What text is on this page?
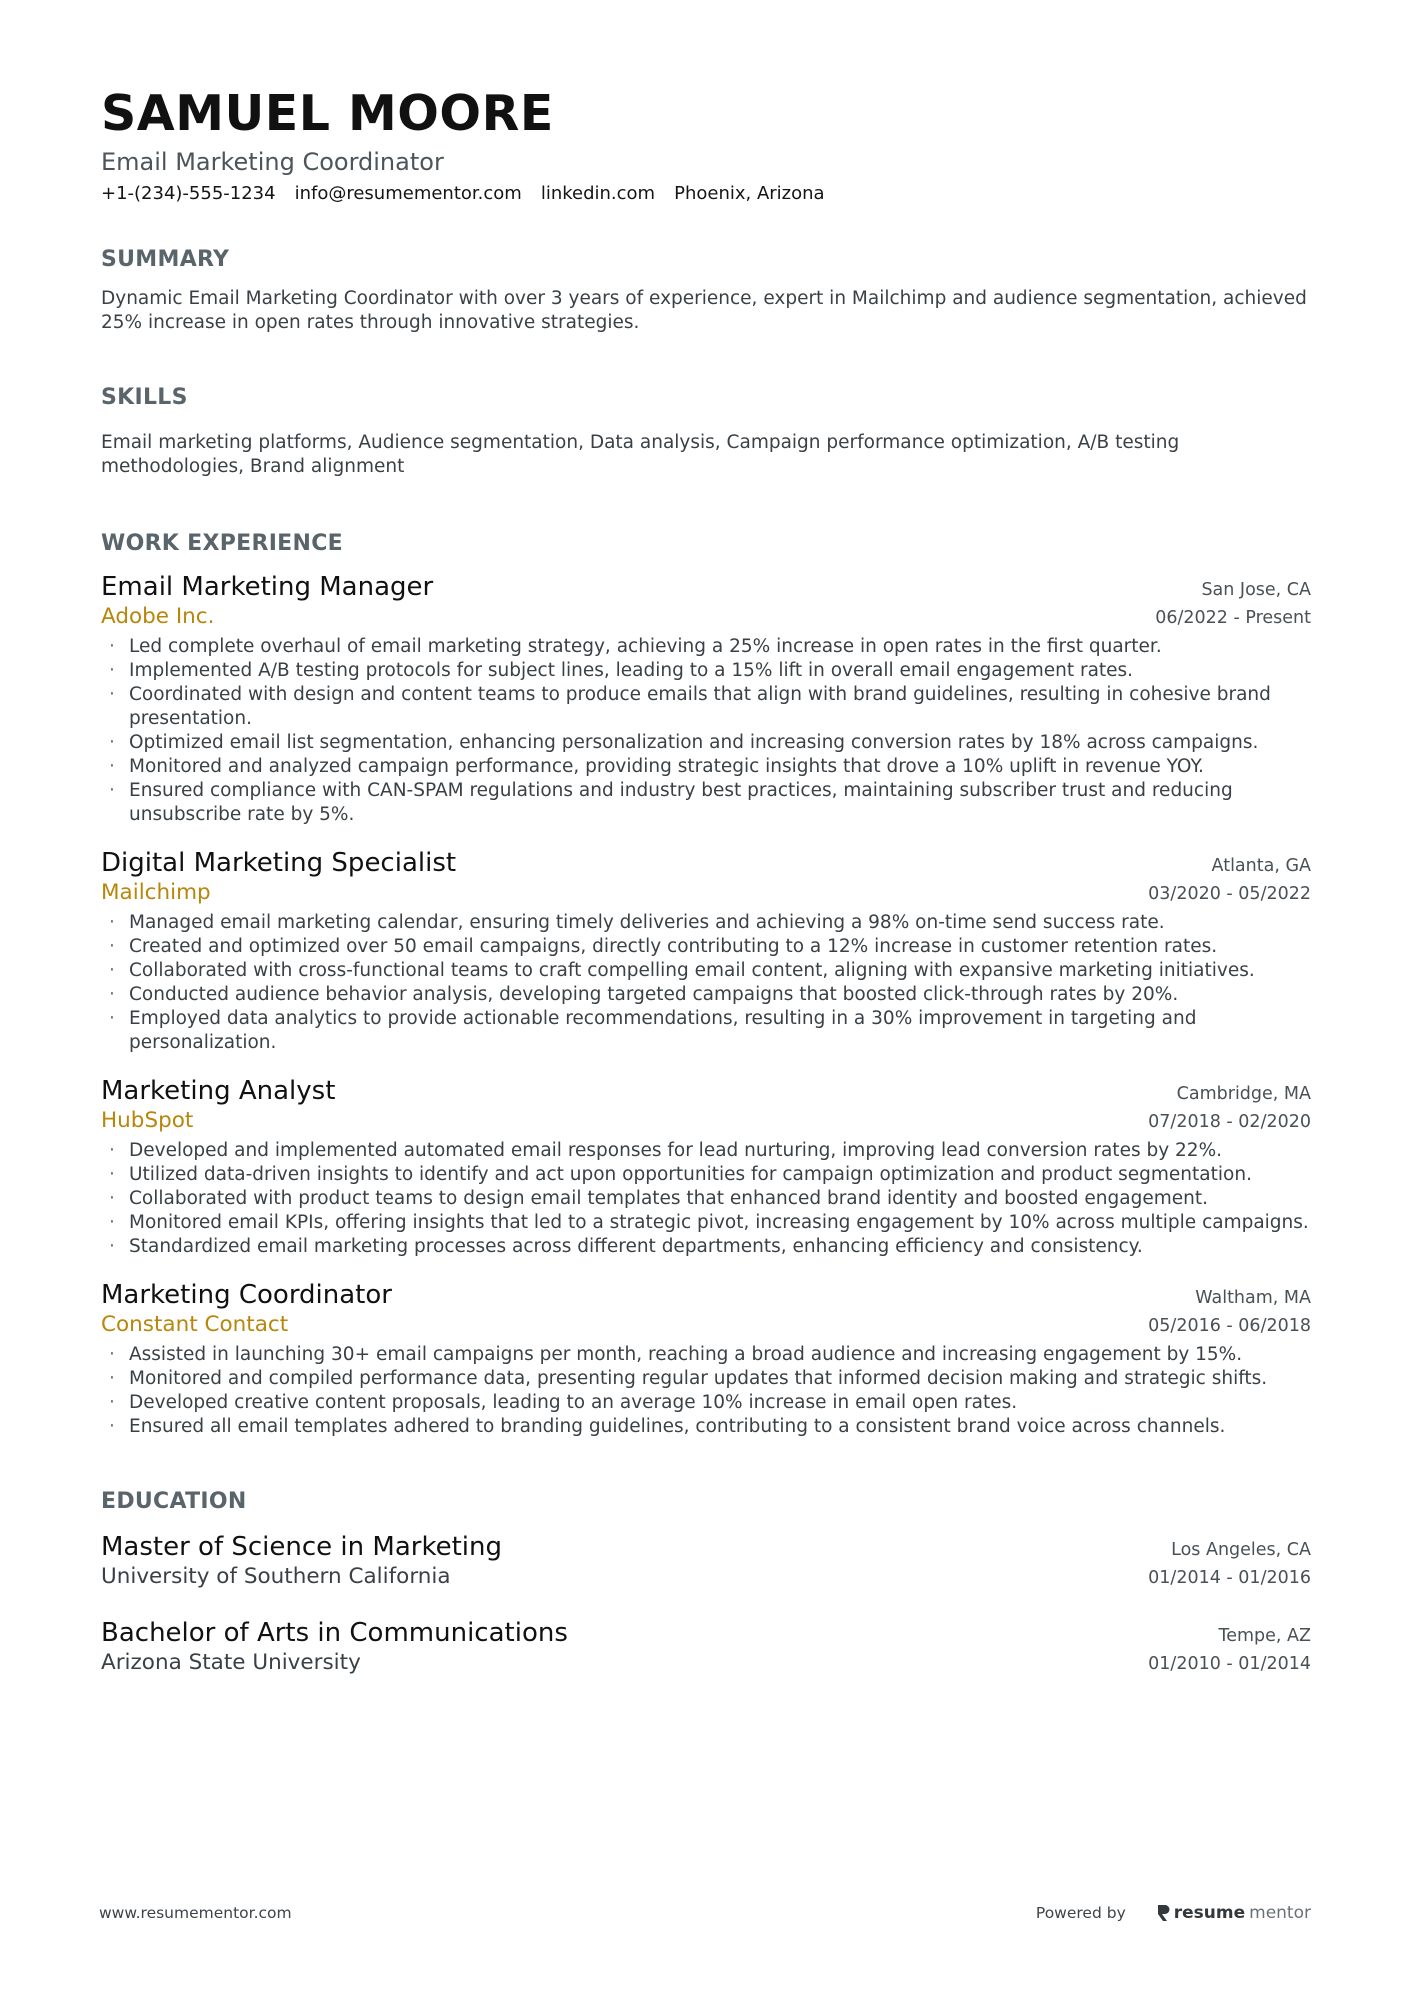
SAMUEL MOORE
Email Marketing Coordinator
+1-(234)-555-1234 info@resumementor.com linkedin.com Phoenix, Arizona
SUMMARY
Dynamic Email Marketing Coordinator with over 3 years of experience, expert in Mailchimp and audience segmentation, achieved 25% increase in open rates through innovative strategies.
SKILLS
Email marketing platforms, Audience segmentation, Data analysis, Campaign performance optimization, A/B testing methodologies, Brand alignment
WORK EXPERIENCE
Email Marketing Manager	San Jose, CA
Adobe Inc.	06/2022 - Present
· Led complete overhaul of email marketing strategy, achieving a 25% increase in open rates in the first quarter.
· Implemented A/B testing protocols for subject lines, leading to a 15% lift in overall email engagement rates.
· Coordinated with design and content teams to produce emails that align with brand guidelines, resulting in cohesive brand presentation.
· Optimized email list segmentation, enhancing personalization and increasing conversion rates by 18% across campaigns.
· Monitored and analyzed campaign performance, providing strategic insights that drove a 10% uplift in revenue YOY.
· Ensured compliance with CAN-SPAM regulations and industry best practices, maintaining subscriber trust and reducing unsubscribe rate by 5%.
Digital Marketing Specialist	Atlanta, GA
Mailchimp	03/2020 - 05/2022
· Managed email marketing calendar, ensuring timely deliveries and achieving a 98% on-time send success rate.
· Created and optimized over 50 email campaigns, directly contributing to a 12% increase in customer retention rates.
· Collaborated with cross-functional teams to craft compelling email content, aligning with expansive marketing initiatives.
· Conducted audience behavior analysis, developing targeted campaigns that boosted click-through rates by 20%.
· Employed data analytics to provide actionable recommendations, resulting in a 30% improvement in targeting and personalization.
Marketing Analyst	Cambridge, MA
HubSpot	07/2018 - 02/2020
· Developed and implemented automated email responses for lead nurturing, improving lead conversion rates by 22%.
· Utilized data-driven insights to identify and act upon opportunities for campaign optimization and product segmentation.
· Collaborated with product teams to design email templates that enhanced brand identity and boosted engagement.
· Monitored email KPIs, offering insights that led to a strategic pivot, increasing engagement by 10% across multiple campaigns.
· Standardized email marketing processes across different departments, enhancing efficiency and consistency.
Marketing Coordinator	Waltham, MA
Constant Contact	05/2016 - 06/2018
· Assisted in launching 30+ email campaigns per month, reaching a broad audience and increasing engagement by 15%.
· Monitored and compiled performance data, presenting regular updates that informed decision making and strategic shifts.
· Developed creative content proposals, leading to an average 10% increase in email open rates.
· Ensured all email templates adhered to branding guidelines, contributing to a consistent brand voice across channels.
EDUCATION
Master of Science in Marketing	Los Angeles, CA
University of Southern California	01/2014 - 01/2016
Bachelor of Arts in Communications	Tempe, AZ
Arizona State University	01/2010 - 01/2014
www.resumementor.com	Powered by	resume mentor
